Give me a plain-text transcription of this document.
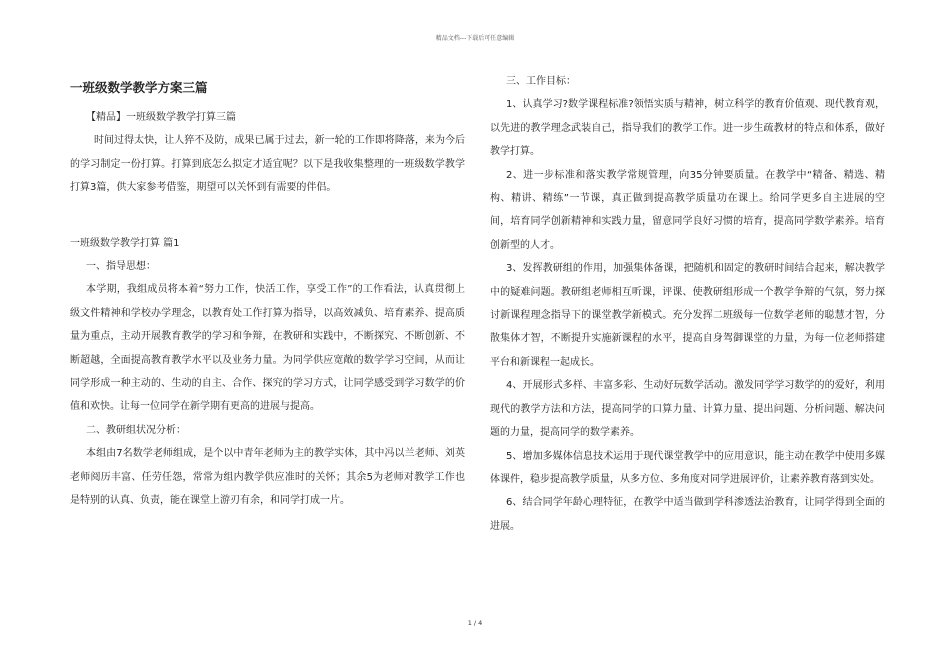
精品文档---下载后可任意编辑
一班级数学教学方案三篇

【精品】一班级数学教学打算三篇

时间过得太快，让人猝不及防，成果已属于过去，新一轮的工作即将降落，来为今后的学习制定一份打算。打算到底怎么拟定才适宜呢？以下是我收集整理的一班级数学教学打算3篇，供大家参考借鉴，期望可以关怀到有需要的伴侣。

一班级数学教学打算 篇1

一、指导思想：

本学期，我组成员将本着“努力工作，快活工作，享受工作”的工作看法，认真贯彻上级文件精神和学校办学理念，以教育处工作打算为指导，以高效减负、培育素养、提高质量为重点，主动开展教育教学的学习和争辩，在教研和实践中，不断探究、不断创新、不断超越，全面提高教育教学水平以及业务力量。为同学供应宽敞的数学学习空间，从而让同学形成一种主动的、生动的自主、合作、探究的学习方式，让同学感受到学习数学的价值和欢快。让每一位同学在新学期有更高的进展与提高。

二、教研组状况分析：

本组由7名数学老师组成，是个以中青年老师为主的教学实体，其中冯以兰老师、刘英老师阅历丰富、任劳任怨，常常为组内教学供应准时的关怀；其余5为老师对教学工作也是特别的认真、负责，能在课堂上游刃有余，和同学打成一片。

三、工作目标：

1、认真学习?数学课程标准?领悟实质与精神，树立科学的教育价值观、现代教育观，以先进的教学理念武装自己，指导我们的教学工作。进一步生疏教材的特点和体系，做好教学打算。

2、进一步标准和落实教学常规管理，向35分钟要质量。在教学中“精备、精选、精构、精讲、精练”一节课，真正做到提高教学质量功在课上。给同学更多自主进展的空间，培育同学创新精神和实践力量，留意同学良好习惯的培育，提高同学数学素养。培育创新型的人才。

3、发挥教研组的作用，加强集体备课，把随机和固定的教研时间结合起来，解决教学中的疑难问题。教研组老师相互听课，评课、使教研组形成一个教学争辩的气氛，努力探讨新课程理念指导下的课堂教学新模式。充分发挥二班级每一位数学老师的聪慧才智，分散集体才智，不断提升实施新课程的水平，提高自身驾御课堂的力量，为每一位老师搭建平台和新课程一起成长。

4、开展形式多样、丰富多彩、生动好玩数学活动。激发同学学习数学的的爱好，利用现代的教学方法和方法，提高同学的口算力量、计算力量、提出问题、分析问题、解决问题的力量，提高同学的数学素养。

5、增加多媒体信息技术运用于现代课堂教学中的应用意识，能主动在教学中使用多媒体课件，稳步提高教学质量，从多方位、多角度对同学进展评价，让素养教育落到实处。

6、结合同学年龄心理特征，在教学中适当做到学科渗透法治教育，让同学得到全面的进展。

1 / 4
